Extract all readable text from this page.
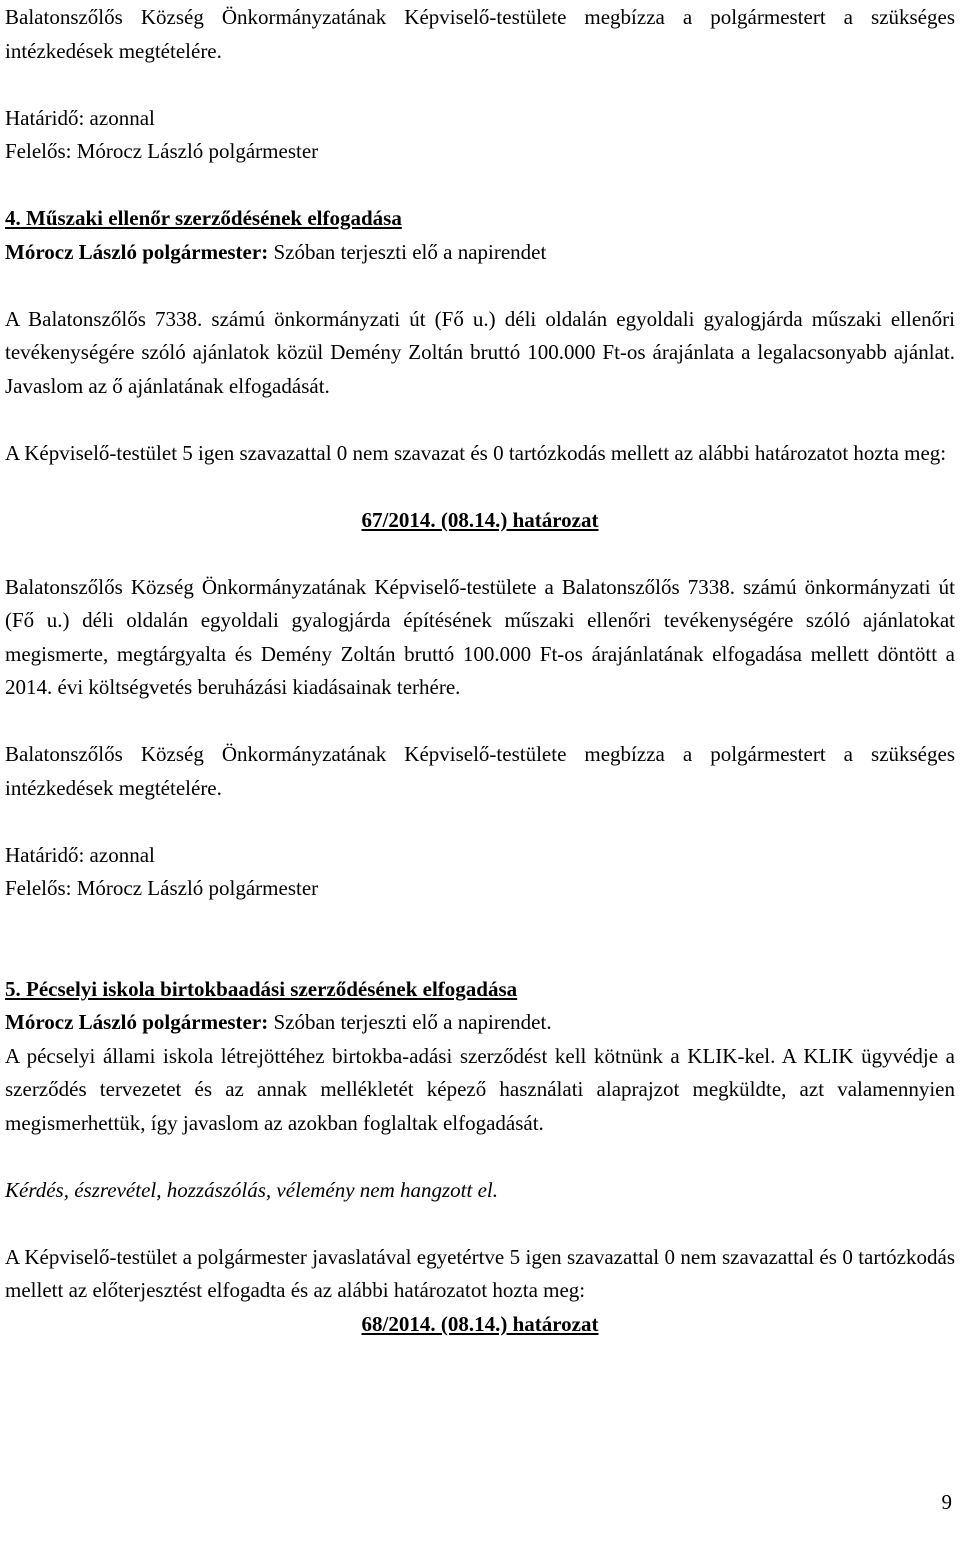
Balatonszőlős Község Önkormányzatának Képviselő-testülete megbízza a polgármestert a szükséges intézkedések megtételére.

Határidő: azonnal

Felelős: Mórocz László polgármester

4. Műszaki ellenőr szerződésének elfogadása

Mórocz László polgármester: Szóban terjeszti elő a napirendet

A Balatonszőlős 7338. számú önkormányzati út (Fő u.) déli oldalán egyoldali gyalogjárda műszaki ellenőri tevékenységére szóló ajánlatok közül Demény Zoltán bruttó 100.000 Ft-os árajánlata a legalacsonyabb ajánlat. Javaslom az ő ajánlatának elfogadását.

A Képviselő-testület 5 igen szavazattal 0 nem szavazat és 0 tartózkodás mellett az alábbi határozatot hozta meg:

67/2014. (08.14.) határozat

Balatonszőlős Község Önkormányzatának Képviselő-testülete a Balatonszőlős 7338. számú önkormányzati út (Fő u.) déli oldalán egyoldali gyalogjárda építésének műszaki ellenőri tevékenységére szóló ajánlatokat megismerte, megtárgyalta és Demény Zoltán bruttó 100.000 Ft-os árajánlatának elfogadása mellett döntött a 2014. évi költségvetés beruházási kiadásainak terhére.

Balatonszőlős Község Önkormányzatának Képviselő-testülete megbízza a polgármestert a szükséges intézkedések megtételére.

Határidő: azonnal

Felelős: Mórocz László polgármester

5. Pécselyi iskola birtokbaadási szerződésének elfogadása

Mórocz László polgármester: Szóban terjeszti elő a napirendet.

A pécselyi állami iskola létrejöttéhez birtokba-adási szerződést kell kötnünk a KLIK-kel. A KLIK ügyvédje a szerződés tervezetet és az annak mellékletét képező használati alaprajzot megküldte, azt valamennyien megismerhettük, így javaslom az azokban foglaltak elfogadását.

Kérdés, észrevétel, hozzászólás, vélemény nem hangzott el.

A Képviselő-testület a polgármester javaslatával egyetértve 5 igen szavazattal 0 nem szavazattal és 0 tartózkodás mellett az előterjesztést elfogadta és az alábbi határozatot hozta meg:

68/2014. (08.14.) határozat

9
